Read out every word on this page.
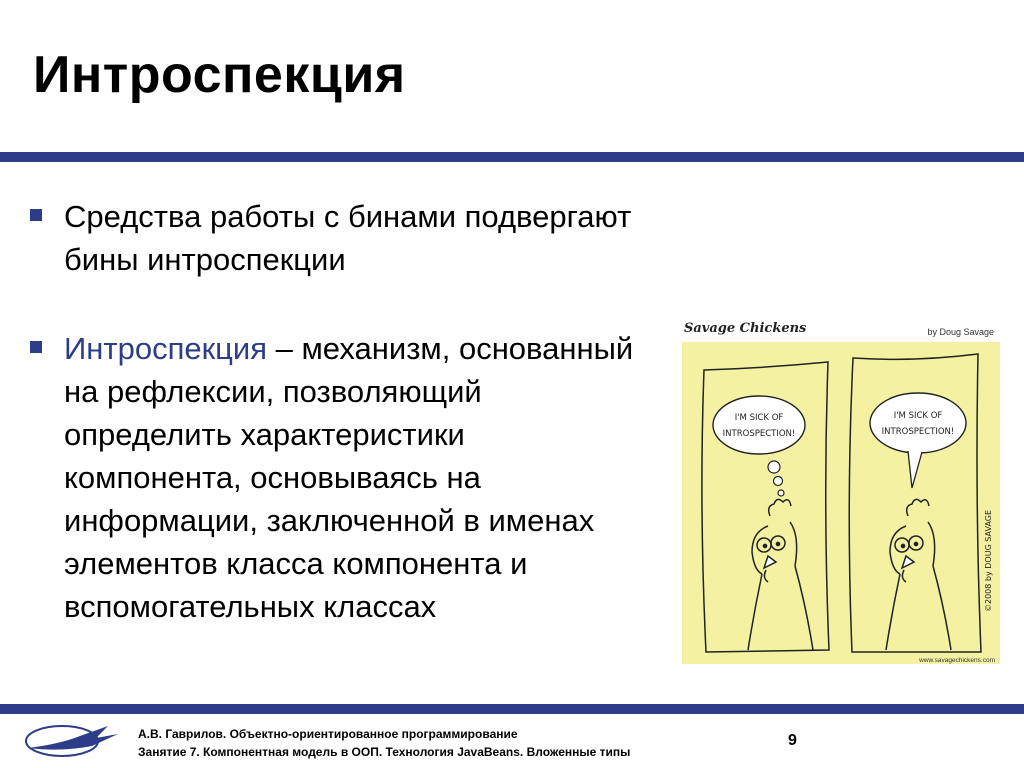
Интроспекция
Средства работы с бинами подвергают бины интроспекции
Интроспекция – механизм, основанный на рефлексии, позволяющий определить характеристики компонента, основываясь на информации, заключенной в именах элементов класса компонента и вспомогательных классах
Savage Chickens	by Doug Savage
I'M SICK OF
INTROSPECTION!
I'M SICK OF
INTROSPECTION!
©2008 by DOUG SAVAGE
www.savagechickens.com
А.В. Гаврилов. Объектно-ориентированное программирование
Занятие 7. Компонентная модель в ООП. Технология JavaBeans. Вложенные типы
9
